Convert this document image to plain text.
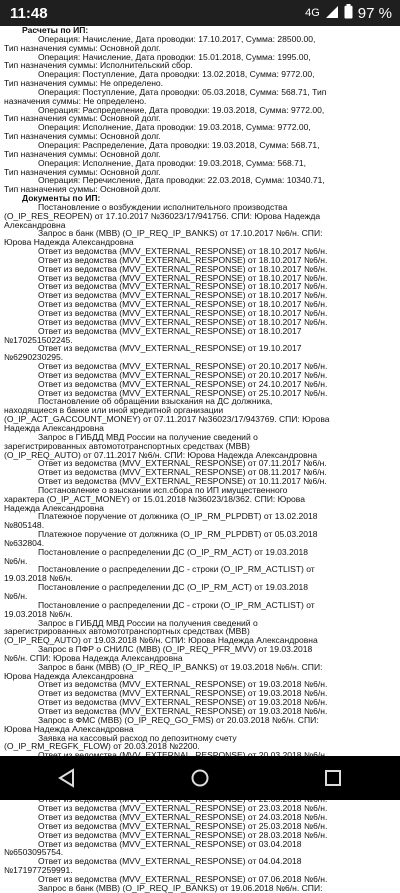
11:48	4G	97 %
Расчеты по ИП:
Операция: Начисление, Дата проводки: 17.10.2017, Сумма: 28500.00,
Тип назначения суммы: Основной долг.
Операция: Начисление, Дата проводки: 15.01.2018, Сумма: 1995.00,
Тип назначения суммы: Исполнительский сбор.
Операция: Поступление, Дата проводки: 13.02.2018, Сумма: 9772.00,
Тип назначения суммы: Не определено.
Операция: Поступление, Дата проводки: 05.03.2018, Сумма: 568.71, Тип
назначения суммы: Не определено.
Операция: Распределение, Дата проводки: 19.03.2018, Сумма: 9772.00,
Тип назначения суммы: Основной долг.
Операция: Исполнение, Дата проводки: 19.03.2018, Сумма: 9772.00,
Тип назначения суммы: Основной долг.
Операция: Распределение, Дата проводки: 19.03.2018, Сумма: 568.71,
Тип назначения суммы: Основной долг.
Операция: Исполнение, Дата проводки: 19.03.2018, Сумма: 568.71,
Тип назначения суммы: Основной долг.
Операция: Перечисление, Дата проводки: 22.03.2018, Сумма: 10340.71,
Тип назначения суммы: Основной долг.
Документы по ИП:
Постановление о возбуждении исполнительного производства
(O_IP_RES_REOPEN) от 17.10.2017 №36023/17/941756. СПИ: Юрова Надежда
Александровна
Запрос в банк (МВВ) (O_IP_REQ_IP_BANKS) от 17.10.2017 №6/н. СПИ:
Юрова Надежда Александровна
Ответ из ведомства (MVV_EXTERNAL_RESPONSE) от 18.10.2017 №6/н.
Ответ из ведомства (MVV_EXTERNAL_RESPONSE) от 18.10.2017 №6/н.
Ответ из ведомства (MVV_EXTERNAL_RESPONSE) от 18.10.2017 №6/н.
Ответ из ведомства (MVV_EXTERNAL_RESPONSE) от 18.10.2017 №6/н.
Ответ из ведомства (MVV_EXTERNAL_RESPONSE) от 18.10.2017 №6/н.
Ответ из ведомства (MVV_EXTERNAL_RESPONSE) от 18.10.2017 №6/н.
Ответ из ведомства (MVV_EXTERNAL_RESPONSE) от 18.10.2017 №6/н.
Ответ из ведомства (MVV_EXTERNAL_RESPONSE) от 18.10.2017 №6/н.
Ответ из ведомства (MVV_EXTERNAL_RESPONSE) от 18.10.2017 №6/н.
Ответ из ведомства (MVV_EXTERNAL_RESPONSE) от 18.10.2017
№170251502245.
Ответ из ведомства (MVV_EXTERNAL_RESPONSE) от 19.10.2017
№6290230295.
Ответ из ведомства (MVV_EXTERNAL_RESPONSE) от 20.10.2017 №6/н.
Ответ из ведомства (MVV_EXTERNAL_RESPONSE) от 20.10.2017 №6/н.
Ответ из ведомства (MVV_EXTERNAL_RESPONSE) от 24.10.2017 №6/н.
Ответ из ведомства (MVV_EXTERNAL_RESPONSE) от 25.10.2017 №6/н.
Постановление об обращении взыскания на ДС должника,
находящиеся в банке или иной кредитной организации
(O_IP_ACT_GACCOUNT_MONEY) от 07.11.2017 №36023/17/943769. СПИ: Юрова
Надежда Александровна
Запрос в ГИБДД МВД России на получение сведений о
зарегистрированных автомототранспортных средствах (МВВ)
(O_IP_REQ_AUTO) от 07.11.2017 №6/н. СПИ: Юрова Надежда Александровна
Ответ из ведомства (MVV_EXTERNAL_RESPONSE) от 07.11.2017 №6/н.
Ответ из ведомства (MVV_EXTERNAL_RESPONSE) от 08.11.2017 №6/н.
Ответ из ведомства (MVV_EXTERNAL_RESPONSE) от 10.11.2017 №6/н.
Постановление о взыскании исп.сбора по ИП имущественного
характера (O_IP_ACT_MONEY) от 15.01.2018 №36023/18/362. СПИ: Юрова
Надежда Александровна
Платежное поручение от должника (O_IP_RM_PLPDBT) от 13.02.2018
№805148.
Платежное поручение от должника (O_IP_RM_PLPDBT) от 05.03.2018
№632804.
Постановление о распределении ДС (O_IP_RM_ACT) от 19.03.2018
№6/н.
Постановление о распределении ДС - строки (O_IP_RM_ACTLIST) от
19.03.2018 №6/н.
Постановление о распределении ДС (O_IP_RM_ACT) от 19.03.2018
№6/н.
Постановление о распределении ДС - строки (O_IP_RM_ACTLIST) от
19.03.2018 №6/н.
Запрос в ГИБДД МВД России на получения сведений о
зарегистрированных автомототранспортных средствах (МВВ)
(O_IP_REQ_AUTO) от 19.03.2018 №6/н. СПИ: Юрова Надежда Александровна
Запрос в ПФР о СНИЛС (МВВ) (O_IP_REQ_PFR_MVV) от 19.03.2018
№6/н. СПИ: Юрова Надежда Александровна
Запрос в банк (МВВ) (O_IP_REQ_IP_BANKS) от 19.03.2018 №6/н. СПИ:
Юрова Надежда Александровна
Ответ из ведомства (MVV_EXTERNAL_RESPONSE) от 19.03.2018 №6/н.
Ответ из ведомства (MVV_EXTERNAL_RESPONSE) от 19.03.2018 №6/н.
Ответ из ведомства (MVV_EXTERNAL_RESPONSE) от 19.03.2018 №6/н.
Ответ из ведомства (MVV_EXTERNAL_RESPONSE) от 19.03.2018 №6/н.
Запрос в ФМС (МВВ) (O_IP_REQ_GO_FMS) от 20.03.2018 №6/н. СПИ:
Юрова Надежда Александровна
Заявка на кассовый расход по депозитному счету
(O_IP_RM_REGFK_FLOW) от 20.03.2018 №2200.
Ответ из ведомства (MVV_EXTERNAL_RESPONSE) от 23.03.2018 №6/н.
Ответ из ведомства (MVV_EXTERNAL_RESPONSE) от 24.03.2018 №6/н.
Ответ из ведомства (MVV_EXTERNAL_RESPONSE) от 25.03.2018 №6/н.
Ответ из ведомства (MVV_EXTERNAL_RESPONSE) от 28.03.2018 №6/н.
Ответ из ведомства (MVV_EXTERNAL_RESPONSE) от 03.04.2018
№6503095754.
Ответ из ведомства (MVV_EXTERNAL_RESPONSE) от 04.04.2018
№171977259991.
Ответ из ведомства (MVV_EXTERNAL_RESPONSE) от 07.06.2018 №6/н.
Запрос в банк (МВВ) (O_IP_REQ_IP_BANKS) от 19.06.2018 №6/н. СПИ:
